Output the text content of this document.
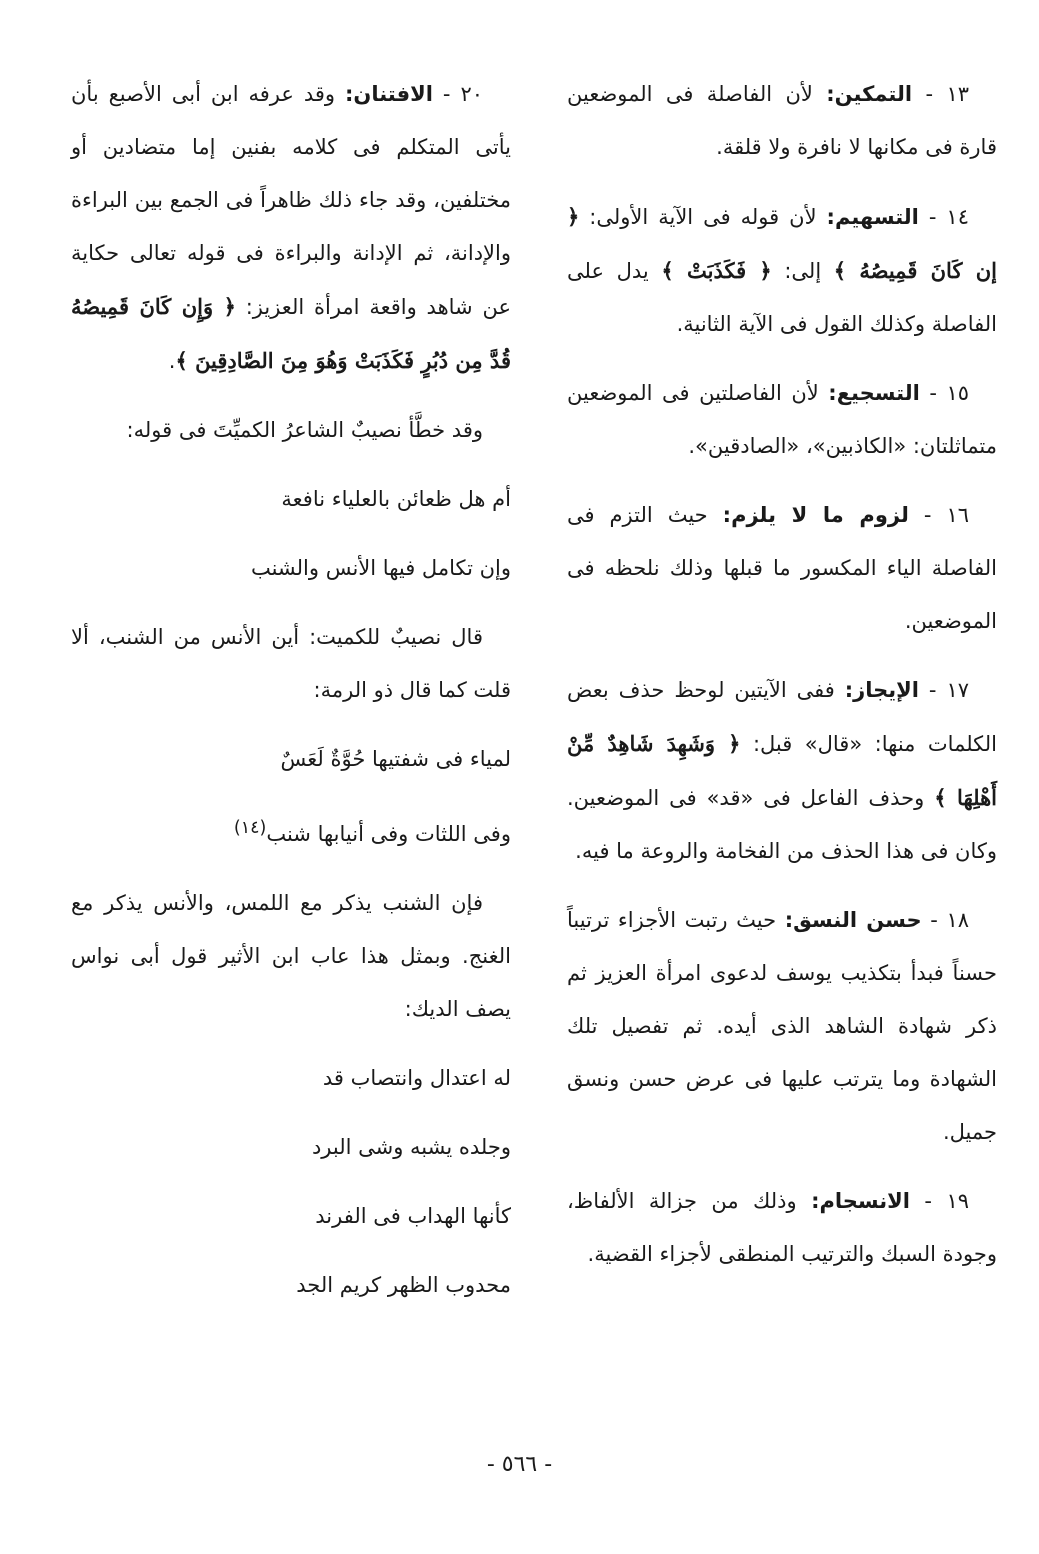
١٣ - التمكين: لأن الفاصلة فى الموضعين قارة فى مكانها لا نافرة ولا قلقة.

١٤ - التسهيم: لأن قوله فى الآية الأولى: ﴿ إن كَانَ قَمِيصُهُ ﴾ إلى: ﴿ فَكَذَبَتْ ﴾ يدل على الفاصلة وكذلك القول فى الآية الثانية.

١٥ - التسجيع: لأن الفاصلتين فى الموضعين متماثلتان: «الكاذبين»، «الصادقين».

١٦ - لزوم ما لا يلزم: حيث التزم فى الفاصلة الياء المكسور ما قبلها وذلك نلحظه فى الموضعين.

١٧ - الإيجاز: ففى الآيتين لوحظ حذف بعض الكلمات منها: «قال» قبل: ﴿ وَشَهِدَ شَاهِدٌ مِّنْ أَهْلِهَا ﴾ وحذف الفاعل فى «قد» فى الموضعين. وكان فى هذا الحذف من الفخامة والروعة ما فيه.

١٨ - حسن النسق: حيث رتبت الأجزاء ترتيباً حسناً فبدأ بتكذيب يوسف لدعوى امرأة العزيز ثم ذكر شهادة الشاهد الذى أيده. ثم تفصيل تلك الشهادة وما يترتب عليها فى عرض حسن ونسق جميل.

١٩ - الانسجام: وذلك من جزالة الألفاظ، وجودة السبك والترتيب المنطقى لأجزاء القضية.

٢٠ - الافتنان: وقد عرفه ابن أبى الأصبع بأن يأتى المتكلم فى كلامه بفنين إما متضادين أو مختلفين، وقد جاء ذلك ظاهراً فى الجمع بين البراءة والإدانة، ثم الإدانة والبراءة فى قوله تعالى حكاية عن شاهد واقعة امرأة العزيز: ﴿ وَإِن كَانَ قَمِيصُهُ قُدَّ مِن دُبُرٍ فَكَذَبَتْ وَهُوَ مِنَ الصَّادِقِينَ ﴾.

وقد خطَّأ نصيبٌ الشاعرُ الكميِّتَ فى قوله:

أم هل ظعائن بالعلياء نافعة

وإن تكامل فيها الأنس والشنب

قال نصيبٌ للكميت: أين الأنس من الشنب، ألا قلت كما قال ذو الرمة:

لمياء فى شفتيها حُوَّةٌ لَعَسٌ

وفى اللثات وفى أنيابها شنب$^{(١٤)}$

فإن الشنب يذكر مع اللمس، والأنس يذكر مع الغنج. وبمثل هذا عاب ابن الأثير قول أبى نواس يصف الديك:

له اعتدال وانتصاب قد

وجلده يشبه وشى البرد

كأنها الهداب فى الفرند

محدوب الظهر كريم الجد

- ٥٦٦ -
